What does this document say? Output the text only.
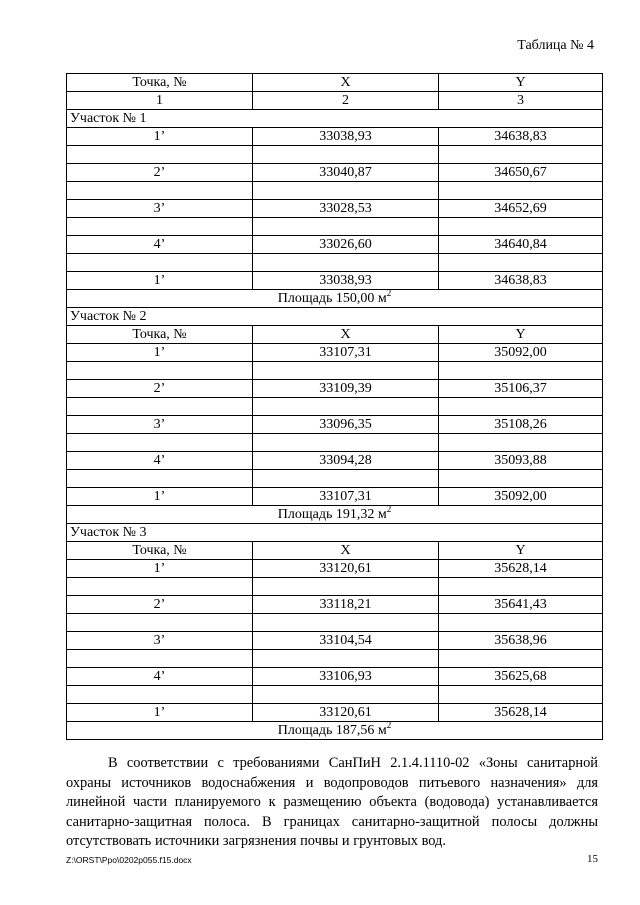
Таблица № 4
Точка, №	X	Y
1	2	3
Участок № 1		
1’	33038,93	34638,83

2’	33040,87	34650,67

3’	33028,53	34652,69

4’	33026,60	34640,84

1’	33038,93	34638,83
Площадь 150,00 $м^2$
Участок № 2		
Точка, №	X	Y
1’	33107,31	35092,00

2’	33109,39	35106,37

3’	33096,35	35108,26

4’	33094,28	35093,88

1’	33107,31	35092,00
Площадь 191,32 $м^2$
Участок № 3		
Точка, №	X	Y
1’	33120,61	35628,14

2’	33118,21	35641,43

3’	33104,54	35638,96

4’	33106,93	35625,68

1’	33120,61	35628,14
Площадь 187,56 $м^2$

В соответствии с требованиями СанПиН 2.1.4.1110-02 «Зоны санитарной охраны источников водоснабжения и водопроводов питьевого назначения» для линейной части планируемого к размещению объекта (водовода) устанавливается санитарно-защитная полоса. В границах санитарно-защитной полосы должны отсутствовать источники загрязнения почвы и грунтовых вод.

Z:\ORST\Ppo\0202p055.f15.docx	15
